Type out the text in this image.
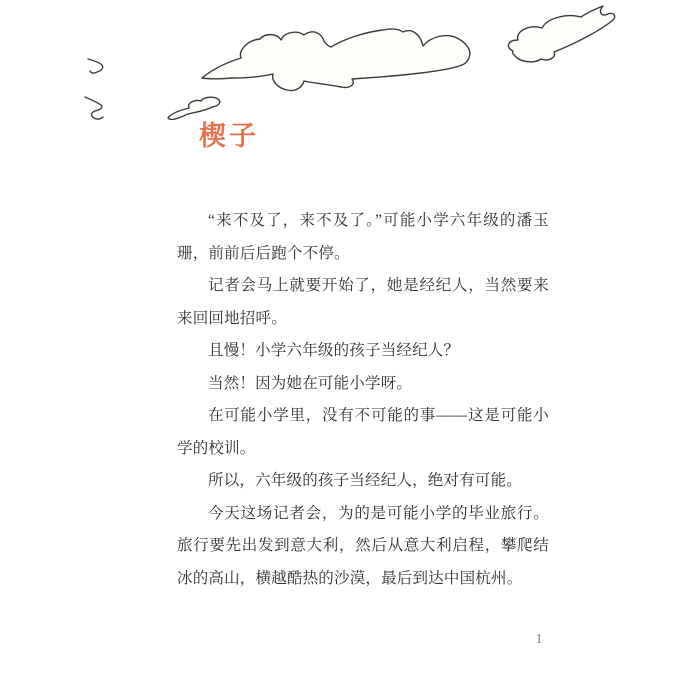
楔子

“来不及了，来不及了。”可能小学六年级的潘玉珊，前前后后跑个不停。

记者会马上就要开始了，她是经纪人，当然要来来回回地招呼。

且慢！小学六年级的孩子当经纪人？

当然！因为她在可能小学呀。

在可能小学里，没有不可能的事——这是可能小学的校训。

所以，六年级的孩子当经纪人，绝对有可能。

今天这场记者会，为的是可能小学的毕业旅行。旅行要先出发到意大利，然后从意大利启程，攀爬结冰的高山，横越酷热的沙漠，最后到达中国杭州。

1
